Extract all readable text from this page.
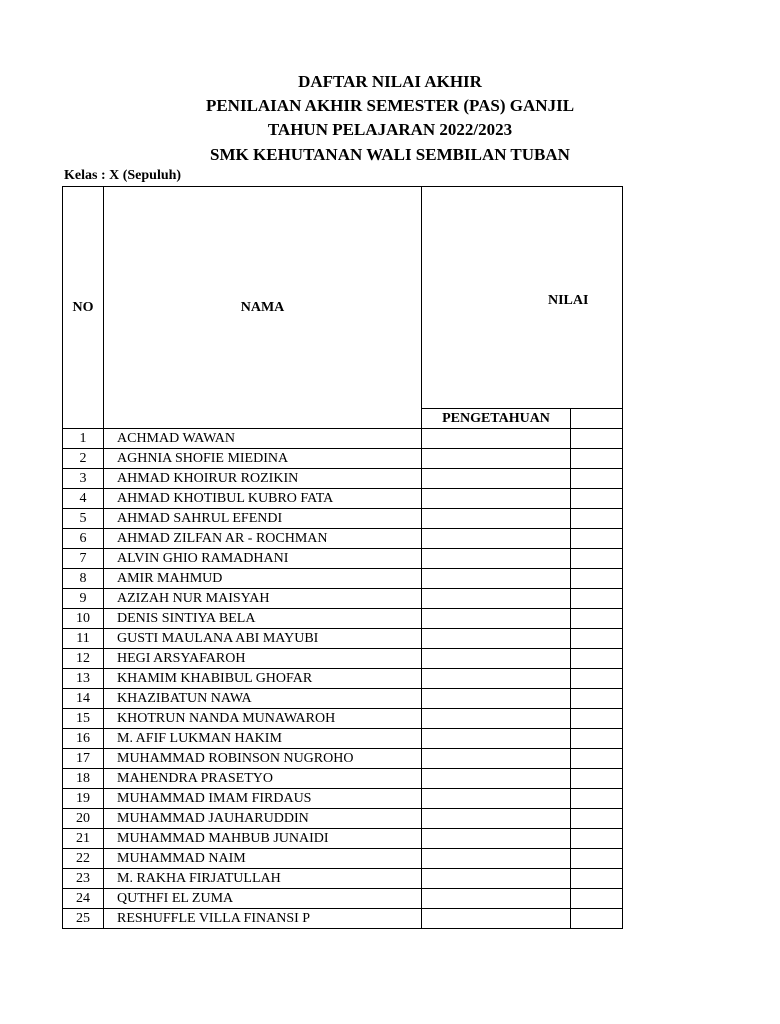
DAFTAR NILAI AKHIR
PENILAIAN AKHIR SEMESTER (PAS) GANJIL
TAHUN PELAJARAN 2022/2023
SMK KEHUTANAN WALI SEMBILAN TUBAN
Kelas : X (Sepuluh)
NO	NAMA	NILAI	

		PENGETAHUAN	
1	ACHMAD WAWAN		
2	AGHNIA SHOFIE MIEDINA		
3	AHMAD KHOIRUR ROZIKIN		
4	AHMAD KHOTIBUL KUBRO FATA		
5	AHMAD SAHRUL EFENDI		
6	AHMAD ZILFAN AR - ROCHMAN		
7	ALVIN GHIO RAMADHANI		
8	AMIR MAHMUD		
9	AZIZAH NUR MAISYAH		
10	DENIS SINTIYA BELA		
11	GUSTI MAULANA ABI MAYUBI		
12	HEGI ARSYAFAROH		
13	KHAMIM KHABIBUL GHOFAR		
14	KHAZIBATUN NAWA		
15	KHOTRUN NANDA MUNAWAROH		
16	M. AFIF LUKMAN HAKIM		
17	MUHAMMAD ROBINSON NUGROHO		
18	MAHENDRA PRASETYO		
19	MUHAMMAD IMAM FIRDAUS		
20	MUHAMMAD JAUHARUDDIN		
21	MUHAMMAD MAHBUB JUNAIDI		
22	MUHAMMAD NAIM		
23	M. RAKHA FIRJATULLAH		
24	QUTHFI EL ZUMA		
25	RESHUFFLE VILLA FINANSI P		
